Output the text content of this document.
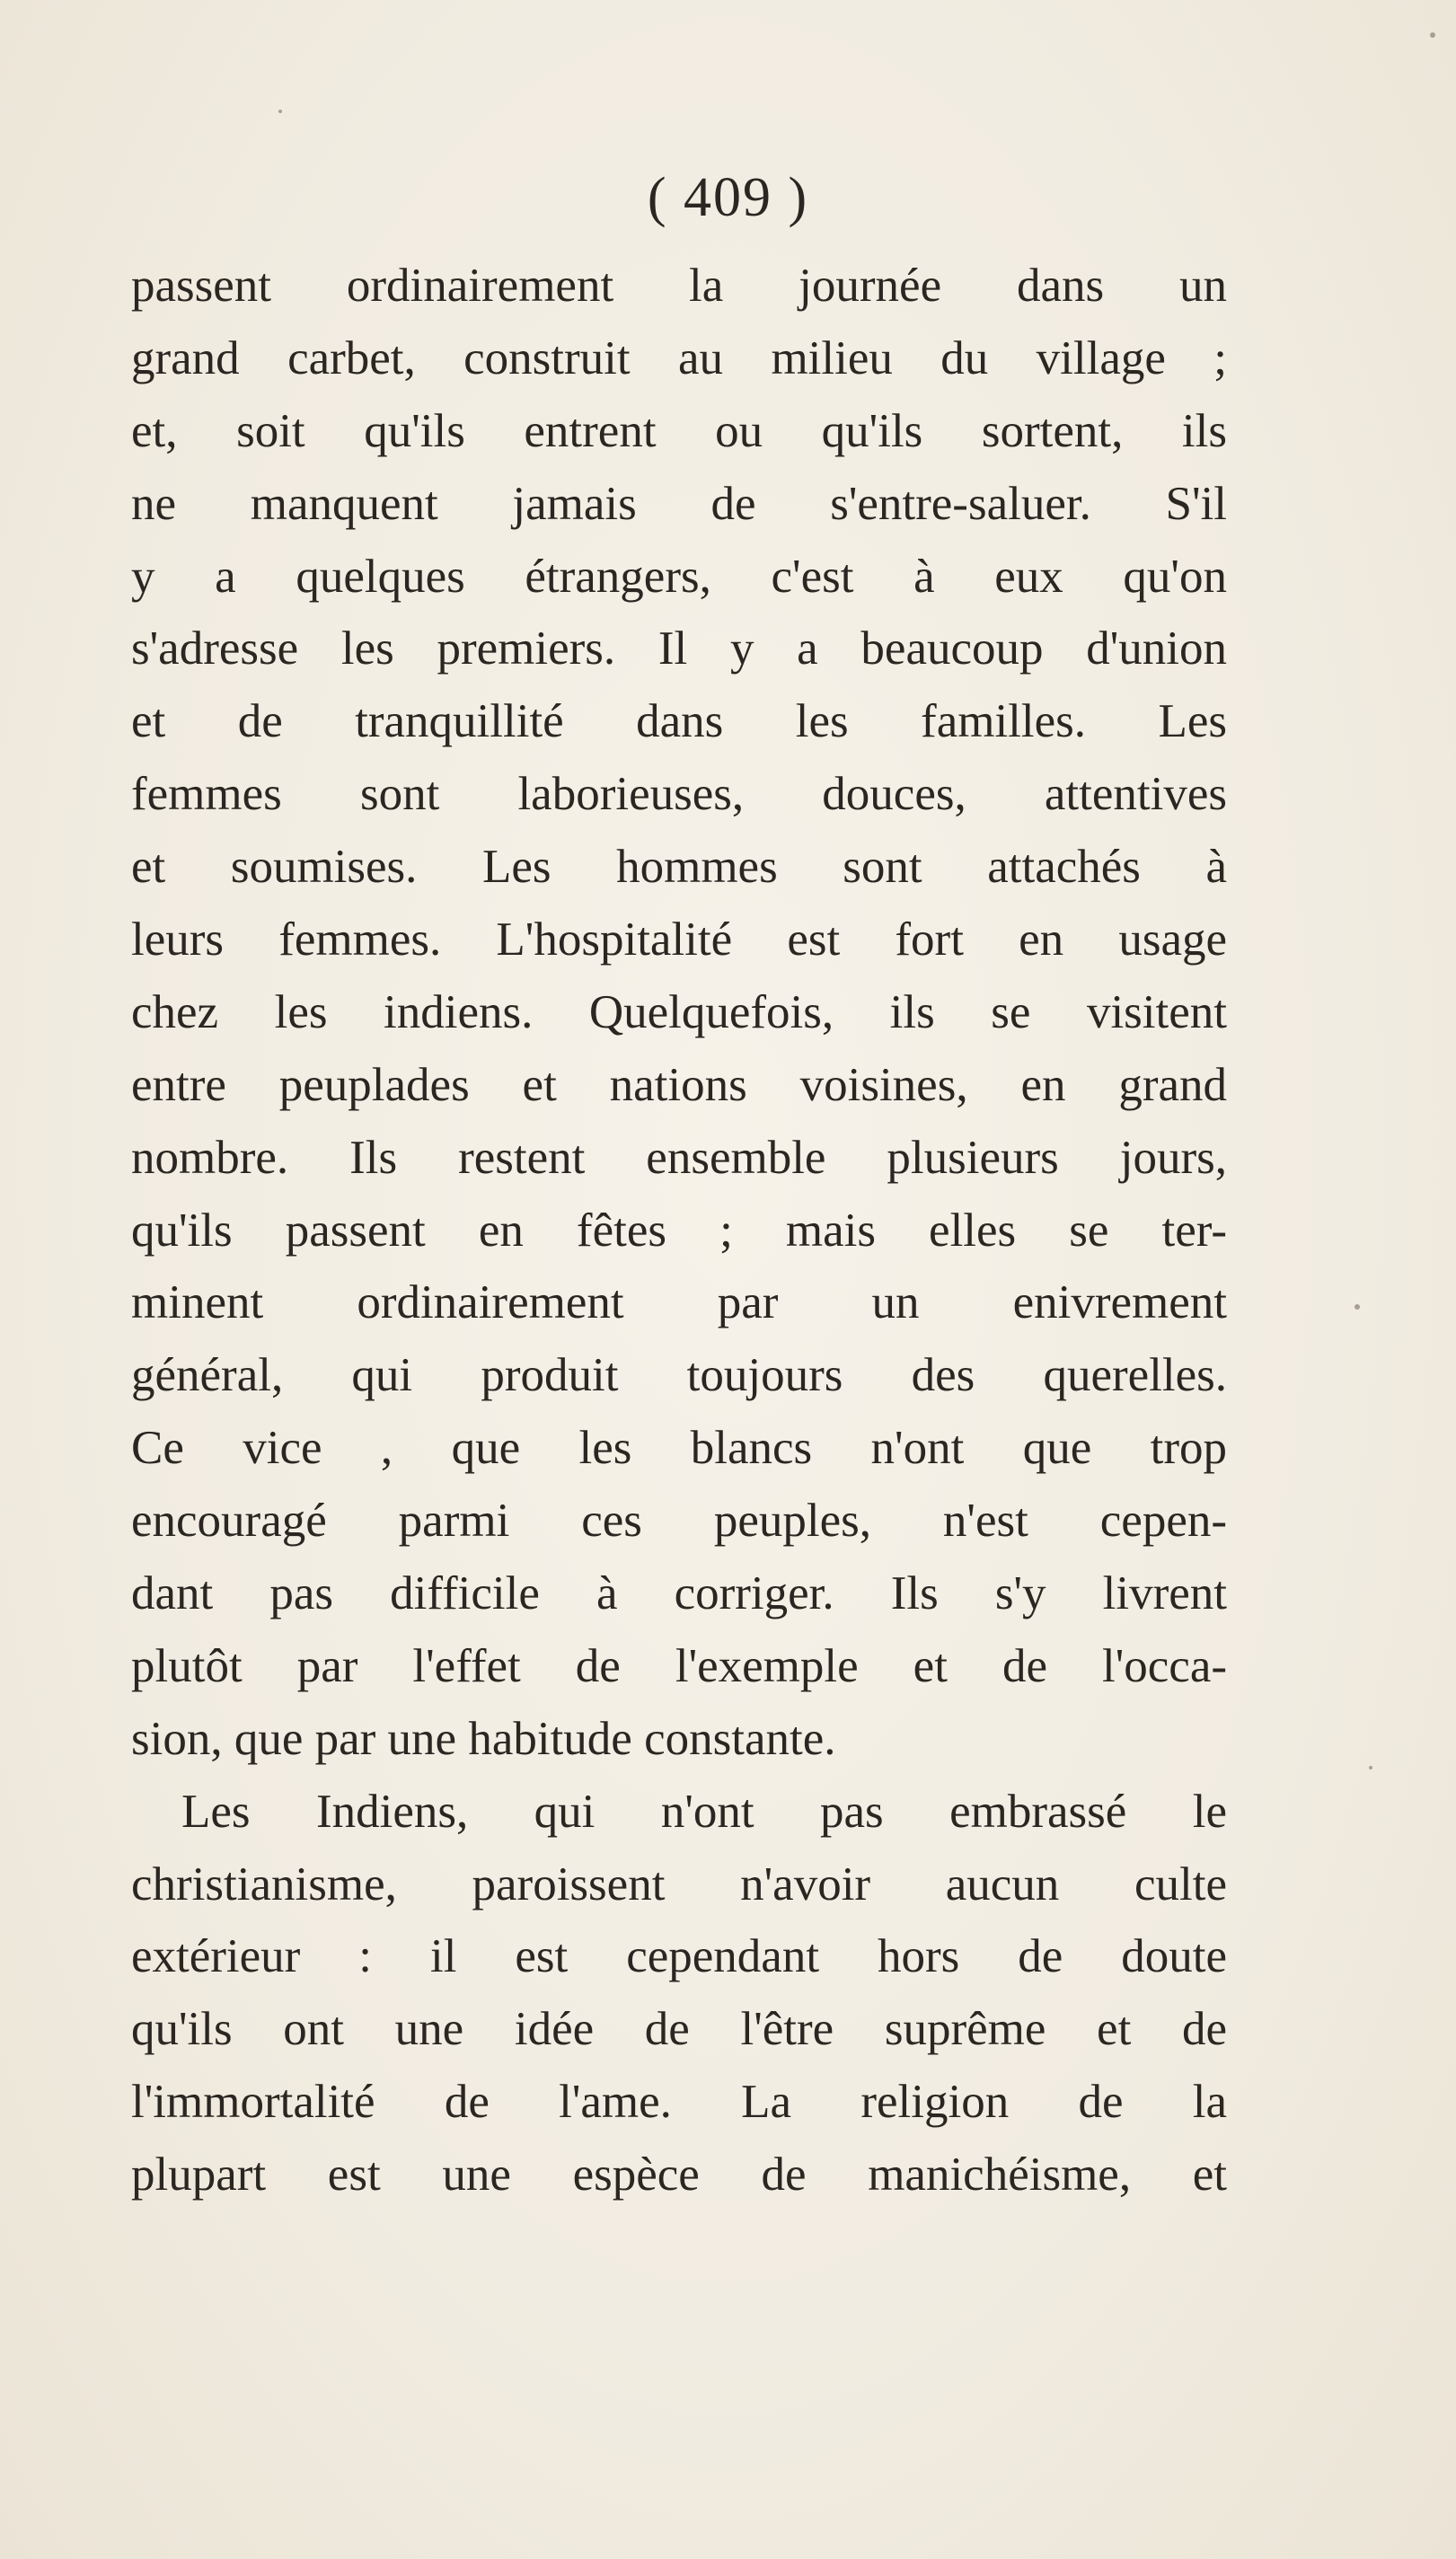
( 409 )
passent ordinairement la journée dans un
grand carbet, construit au milieu du village ;
et, soit qu'ils entrent ou qu'ils sortent, ils
ne manquent jamais de s'entre-saluer. S'il
y a quelques étrangers, c'est à eux qu'on
s'adresse les premiers. Il y a beaucoup d'union
et de tranquillité dans les familles. Les
femmes sont laborieuses, douces, attentives
et soumises. Les hommes sont attachés à
leurs femmes. L'hospitalité est fort en usage
chez les indiens. Quelquefois, ils se visitent
entre peuplades et nations voisines, en grand
nombre. Ils restent ensemble plusieurs jours,
qu'ils passent en fêtes ; mais elles se ter-
minent ordinairement par un enivrement
général, qui produit toujours des querelles.
Ce vice , que les blancs n'ont que trop
encouragé parmi ces peuples, n'est cepen-
dant pas difficile à corriger. Ils s'y livrent
plutôt par l'effet de l'exemple et de l'occa-
sion, que par une habitude constante.
Les Indiens, qui n'ont pas embrassé le
christianisme, paroissent n'avoir aucun culte
extérieur : il est cependant hors de doute
qu'ils ont une idée de l'être suprême et de
l'immortalité de l'ame. La religion de la
plupart est une espèce de manichéisme, et
